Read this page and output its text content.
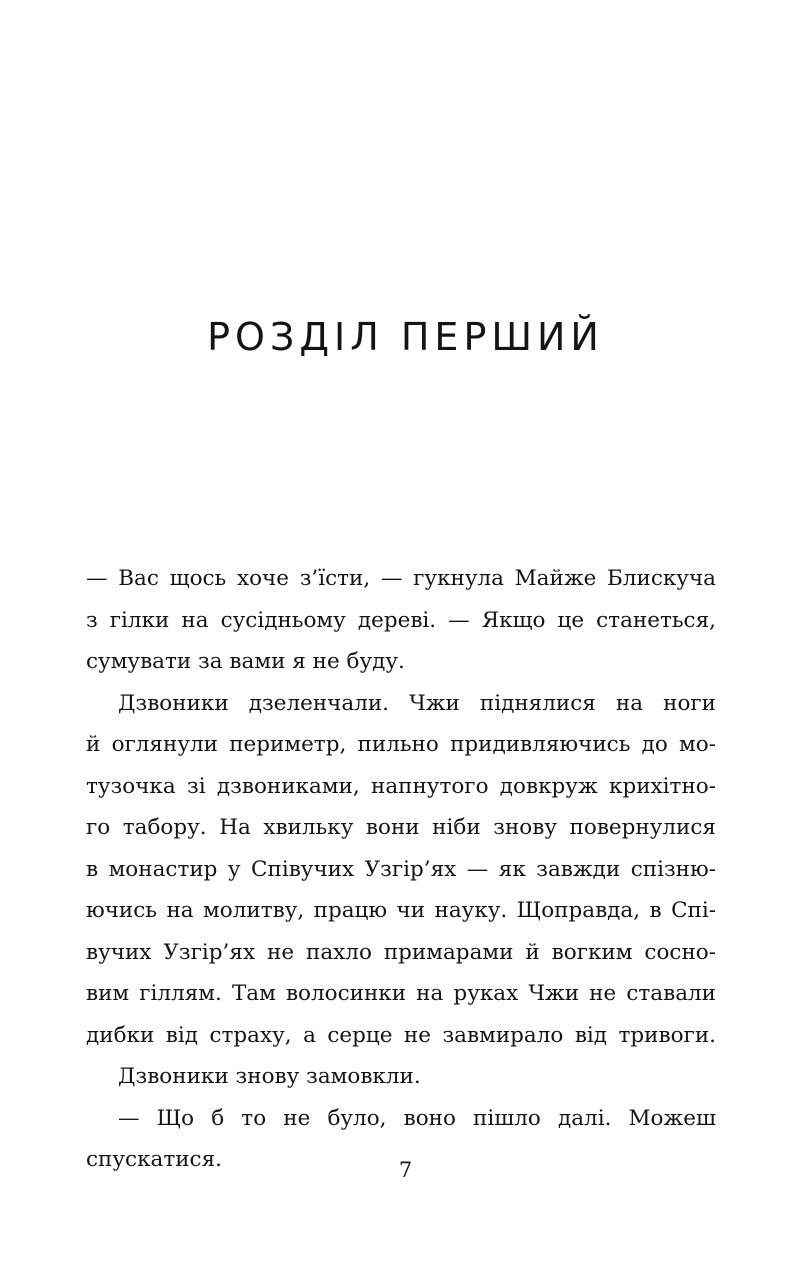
РОЗДІЛ ПЕРШИЙ
— Вас щось хоче з’їсти, — гукнула Майже Блискуча
з гілки на сусідньому дереві. — Якщо це станеться,
сумувати за вами я не буду.
Дзвоники дзеленчали. Чжи піднялися на ноги
й оглянули периметр, пильно придивляючись до мо-
тузочка зі дзвониками, напнутого довкруж крихітно-
го табору. На хвильку вони ніби знову повернулися
в монастир у Співучих Узгір’ях — як завжди спізню-
ючись на молитву, працю чи науку. Щоправда, в Спі-
вучих Узгір’ях не пахло примарами й вогким сосно-
вим гіллям. Там волосинки на руках Чжи не ставали
дибки від страху, а серце не завмирало від тривоги.
Дзвоники знову замовкли.
— Що б то не було, воно пішло далі. Можеш
спускатися.	7
